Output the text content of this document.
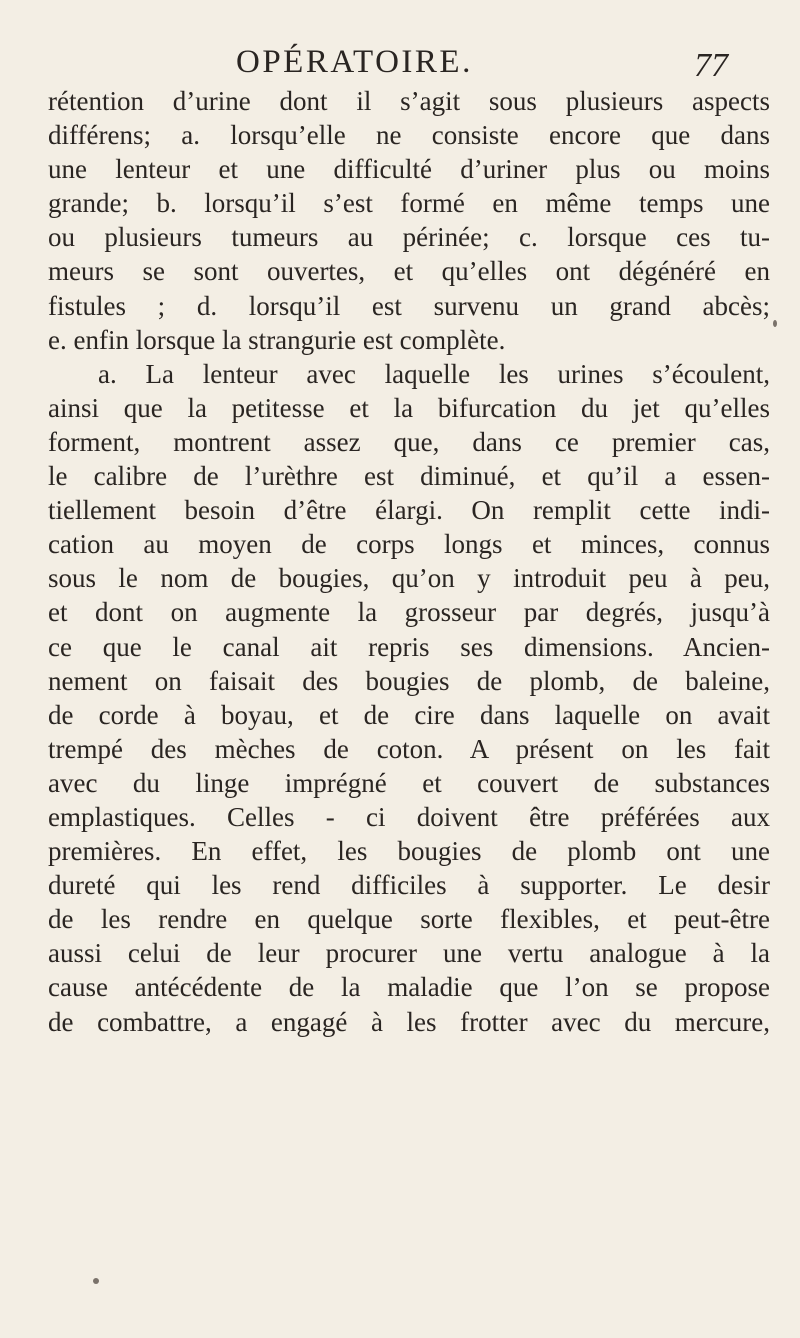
OPÉRATOIRE.	77
rétention d’urine dont il s’agit sous plusieurs aspects
différens; a. lorsqu’elle ne consiste encore que dans
une lenteur et une difficulté d’uriner plus ou moins
grande; b. lorsqu’il s’est formé en même temps une
ou plusieurs tumeurs au périnée; c. lorsque ces tu-
meurs se sont ouvertes, et qu’elles ont dégénéré en
fistules ; d. lorsqu’il est survenu un grand abcès;
e. enfin lorsque la strangurie est complète.
a. La lenteur avec laquelle les urines s’écoulent,
ainsi que la petitesse et la bifurcation du jet qu’elles
forment, montrent assez que, dans ce premier cas,
le calibre de l’urèthre est diminué, et qu’il a essen-
tiellement besoin d’être élargi. On remplit cette indi-
cation au moyen de corps longs et minces, connus
sous le nom de bougies, qu’on y introduit peu à peu,
et dont on augmente la grosseur par degrés, jusqu’à
ce que le canal ait repris ses dimensions. Ancien-
nement on faisait des bougies de plomb, de baleine,
de corde à boyau, et de cire dans laquelle on avait
trempé des mèches de coton. A présent on les fait
avec du linge imprégné et couvert de substances
emplastiques. Celles - ci doivent être préférées aux
premières. En effet, les bougies de plomb ont une
dureté qui les rend difficiles à supporter. Le desir
de les rendre en quelque sorte flexibles, et peut-être
aussi celui de leur procurer une vertu analogue à la
cause antécédente de la maladie que l’on se propose
de combattre, a engagé à les frotter avec du mercure,
